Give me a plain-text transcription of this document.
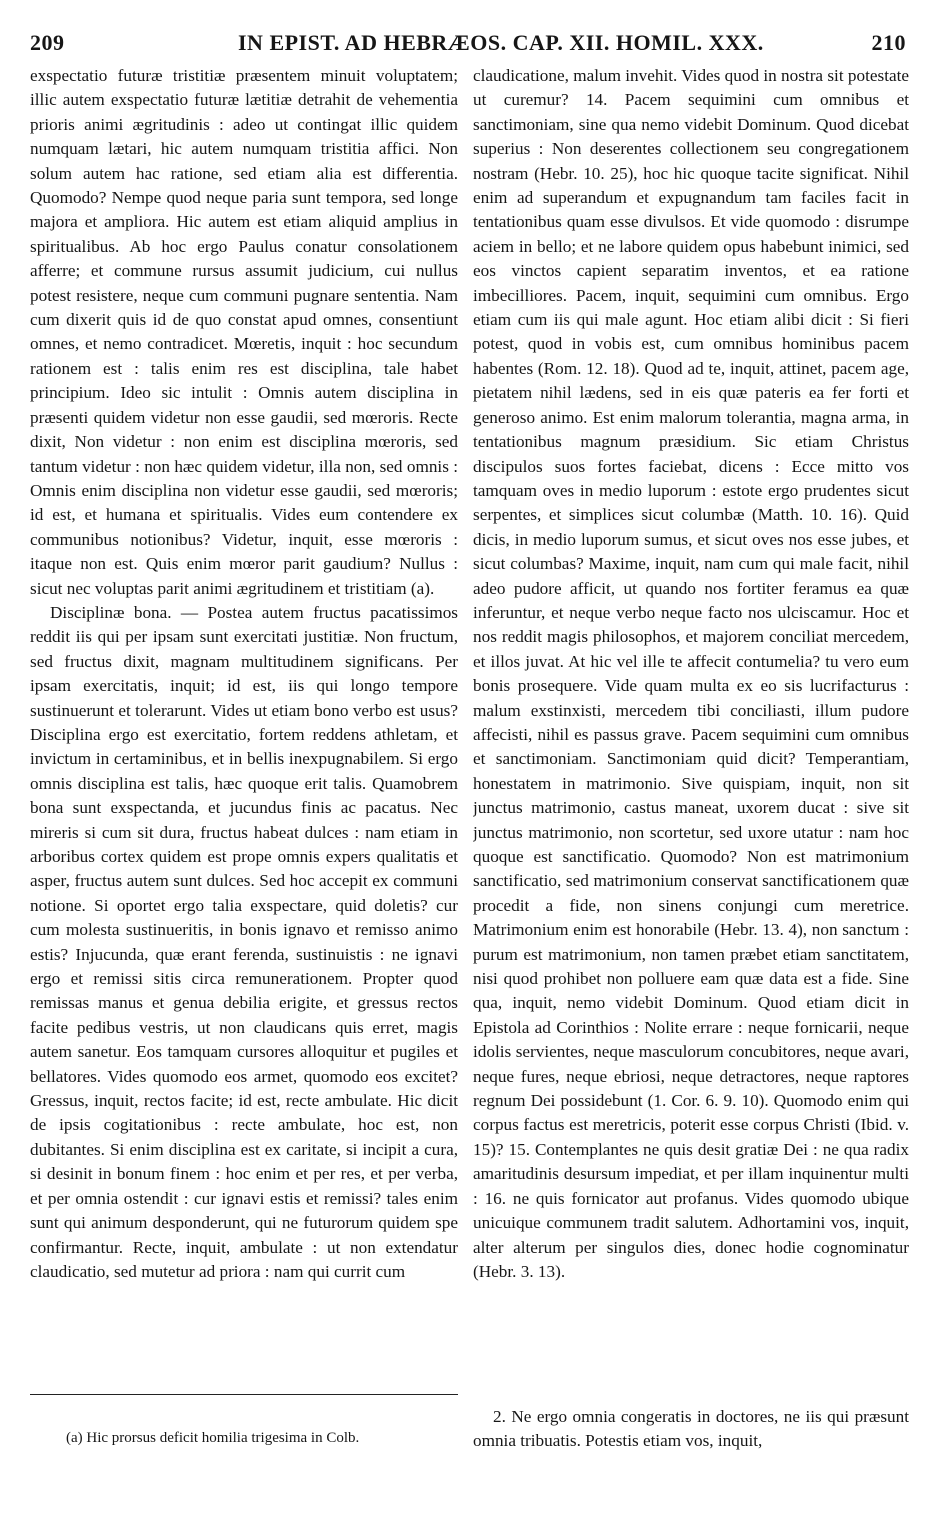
209	IN EPIST. AD HEBRÆOS. CAP. XII. HOMIL. XXX.	210

exspectatio futuræ tristitiæ præsentem minuit voluptatem; illic autem exspectatio futuræ lætitiæ detrahit de vehementia prioris animi ægritudinis : adeo ut contingat illic quidem numquam lætari, hic autem numquam tristitia affici. Non solum autem hac ratione, sed etiam alia est differentia. Quomodo? Nempe quod neque paria sunt tempora, sed longe majora et ampliora. Hic autem est etiam aliquid amplius in spiritualibus. Ab hoc ergo Paulus conatur consolationem afferre; et commune rursus assumit judicium, cui nullus potest resistere, neque cum communi pugnare sententia. Nam cum dixerit quis id de quo constat apud omnes, consentiunt omnes, et nemo contradicet. Mœretis, inquit : hoc secundum rationem est : talis enim res est disciplina, tale habet principium. Ideo sic intulit : Omnis autem disciplina in præsenti quidem videtur non esse gaudii, sed mœroris. Recte dixit, Non videtur : non enim est disciplina mœroris, sed tantum videtur : non hæc quidem videtur, illa non, sed omnis : Omnis enim disciplina non videtur esse gaudii, sed mœroris; id est, et humana et spiritualis. Vides eum contendere ex communibus notionibus? Videtur, inquit, esse mœroris : itaque non est. Quis enim mœror parit gaudium? Nullus : sicut nec voluptas parit animi ægritudinem et tristitiam (a).

Disciplinæ bona. — Postea autem fructus pacatissimos reddit iis qui per ipsam sunt exercitati justitiæ. Non fructum, sed fructus dixit, magnam multitudinem significans. Per ipsam exercitatis, inquit; id est, iis qui longo tempore sustinuerunt et tolerarunt. Vides ut etiam bono verbo est usus? Disciplina ergo est exercitatio, fortem reddens athletam, et invictum in certaminibus, et in bellis inexpugnabilem. Si ergo omnis disciplina est talis, hæc quoque erit talis. Quamobrem bona sunt exspectanda, et jucundus finis ac pacatus. Nec mireris si cum sit dura, fructus habeat dulces : nam etiam in arboribus cortex quidem est prope omnis expers qualitatis et asper, fructus autem sunt dulces. Sed hoc accepit ex communi notione. Si oportet ergo talia exspectare, quid doletis? cur cum molesta sustinueritis, in bonis ignavo et remisso animo estis? Injucunda, quæ erant ferenda, sustinuistis : ne ignavi ergo et remissi sitis circa remunerationem. Propter quod remissas manus et genua debilia erigite, et gressus rectos facite pedibus vestris, ut non claudicans quis erret, magis autem sanetur. Eos tamquam cursores alloquitur et pugiles et bellatores. Vides quomodo eos armet, quomodo eos excitet? Gressus, inquit, rectos facite; id est, recte ambulate. Hic dicit de ipsis cogitationibus : recte ambulate, hoc est, non dubitantes. Si enim disciplina est ex caritate, si incipit a cura, si desinit in bonum finem : hoc enim et per res, et per verba, et per omnia ostendit : cur ignavi estis et remissi? tales enim sunt qui animum desponderunt, qui ne futurorum quidem spe confirmantur. Recte, inquit, ambulate : ut non extendatur claudicatio, sed mutetur ad priora : nam qui currit cum

claudicatione, malum invehit. Vides quod in nostra sit potestate ut curemur? 14. Pacem sequimini cum omnibus et sanctimoniam, sine qua nemo videbit Dominum. Quod dicebat superius : Non deserentes collectionem seu congregationem nostram (Hebr. 10. 25), hoc hic quoque tacite significat. Nihil enim ad superandum et expugnandum tam faciles facit in tentationibus quam esse divulsos. Et vide quomodo : disrumpe aciem in bello; et ne labore quidem opus habebunt inimici, sed eos vinctos capient separatim inventos, et ea ratione imbecilliores. Pacem, inquit, sequimini cum omnibus. Ergo etiam cum iis qui male agunt. Hoc etiam alibi dicit : Si fieri potest, quod in vobis est, cum omnibus hominibus pacem habentes (Rom. 12. 18). Quod ad te, inquit, attinet, pacem age, pietatem nihil lædens, sed in eis quæ pateris ea fer forti et generoso animo. Est enim malorum tolerantia, magna arma, in tentationibus magnum præsidium. Sic etiam Christus discipulos suos fortes faciebat, dicens : Ecce mitto vos tamquam oves in medio luporum : estote ergo prudentes sicut serpentes, et simplices sicut columbæ (Matth. 10. 16). Quid dicis, in medio luporum sumus, et sicut oves nos esse jubes, et sicut columbas? Maxime, inquit, nam cum qui male facit, nihil adeo pudore afficit, ut quando nos fortiter feramus ea quæ inferuntur, et neque verbo neque facto nos ulciscamur. Hoc et nos reddit magis philosophos, et majorem conciliat mercedem, et illos juvat. At hic vel ille te affecit contumelia? tu vero eum bonis prosequere. Vide quam multa ex eo sis lucrifacturus : malum exstinxisti, mercedem tibi conciliasti, illum pudore affecisti, nihil es passus grave. Pacem sequimini cum omnibus et sanctimoniam. Sanctimoniam quid dicit? Temperantiam, honestatem in matrimonio. Sive quispiam, inquit, non sit junctus matrimonio, castus maneat, uxorem ducat : sive sit junctus matrimonio, non scortetur, sed uxore utatur : nam hoc quoque est sanctificatio. Quomodo? Non est matrimonium sanctificatio, sed matrimonium conservat sanctificationem quæ procedit a fide, non sinens conjungi cum meretrice. Matrimonium enim est honorabile (Hebr. 13. 4), non sanctum : purum est matrimonium, non tamen præbet etiam sanctitatem, nisi quod prohibet non polluere eam quæ data est a fide. Sine qua, inquit, nemo videbit Dominum. Quod etiam dicit in Epistola ad Corinthios : Nolite errare : neque fornicarii, neque idolis servientes, neque masculorum concubitores, neque avari, neque fures, neque ebriosi, neque detractores, neque raptores regnum Dei possidebunt (1. Cor. 6. 9. 10). Quomodo enim qui corpus factus est meretricis, poterit esse corpus Christi (Ibid. v. 15)? 15. Contemplantes ne quis desit gratiæ Dei : ne qua radix amaritudinis desursum impediat, et per illam inquinentur multi : 16. ne quis fornicator aut profanus. Vides quomodo ubique unicuique communem tradit salutem. Adhortamini vos, inquit, alter alterum per singulos dies, donec hodie cognominatur (Hebr. 3. 13).

2. Ne ergo omnia congeratis in doctores, ne iis qui præsunt omnia tribuatis. Potestis etiam vos, inquit,
(a) Hic prorsus deficit homilia trigesima in Colb.
